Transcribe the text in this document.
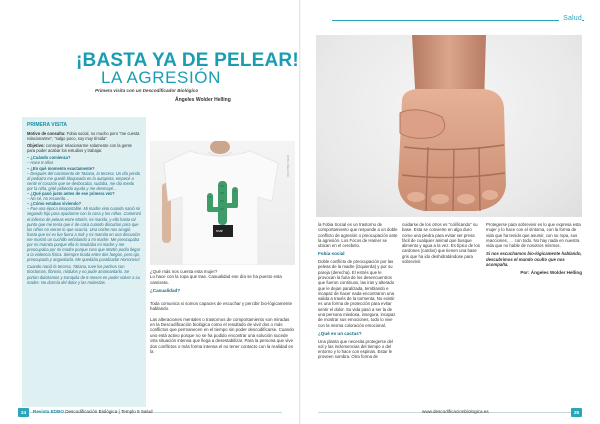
Salud
¡BASTA YA DE PELEAR!
LA AGRESIÓN
Primera visita con un Descodificador Biológico
Ángeles Wolder Helling
PRIMERA VISITA
Motivo de consulta: Fobia social, no mucho pero “me cuesta relacionarme”, “salgo poco, soy muy tímida”
Objetivo: conseguir relacionarme solamente con la gente para poder acabar los estudios y trabajar.
– ¿Cuándo comienza?
– Hace 8 años
– ¿En qué momento exactamente?
– Después del nacimiento de Tatiana, la tercera. Un día yendo al pediatra me quedé bloqueada en la autopista, empecé a sentir el corazón que se desbocaba, sudaba, me dio miedo por la niña, grité pidiendo ayuda y me desmayé…
– ¿Qué pasó justo antes de ese primera vez?
– No sé, no recuerdo…
– ¿Cómo estabas viviendo?
– Fue una época insoportable. Mi madre vino cuando nació mi segundo hijo para ayudarme con la casa y los niños. Comenzó el infierno de peleas entre Martín, mi marido, y ella hasta tal punto que me tenía que ir de casa cuando discutían para que los niños no vieran lo que ocurría. Una noche nos acogió hasta que mi ex fue fuera a mdr y mi mamita en una discusión me mostró un cuchillo señalando a mi madre. Me preocupaba por mi mamita porque ella lo insultaba mi madre y me preocupaba por mi madre porque creo que Martín podía llegar a la violencia física. Siempre tirada entre dos fuegos, pero ojo, preocupada y angustiada. Me quedaba paralizada! Horroroso!
Cuando nació la tercera, Tatiana, tuve los pechos con tiroctomas, fibrosis, nódulos y no pude amamantarlo. Se portan dulcitamos y tranquila de 6 meses en poder volver a su madre. No dormía del dolor y las molestias.
mar
FOTO: ZARA.COM
¿Qué más nos cuenta esta mujer?
Lo hace con la ropa que trae. Casualidad ese día se ha puesto esta camiseta.
¿Casualidad?
Toda comunica si somos capaces de escuchar y percibir bio-lógicamente hablando.
Las alteraciones mentales o trastornos de comportamiento son miradas en la Descodificación biológica como el resultado de vivir dos o más conflictos que permanecen en el tiempo sin poder descodificarse. Cuando uno está activo porque no se ha podido encontrar una solución sucede otra situación intensa que llega a desestabilizar. Para la persona que vive dos conflictos o más forma intensa el no tener contacto con la realidad es la
la Fobia Social es un trastorno de comportamiento que responde a un doble conflicto de agresión o preocupación ante la agresión. Los Focos de Hamer se ubican en el cerebelo.
Fobia social
Doble conflicto de preocupación por las peleas de la madre (izquierda) y por su pareja (derecha). El estrés que le provocan la furia de los desencuentros que fueron continuos, las iras y alterado que le dejan paralizada, temblando e incapaz de hacer nada encontraron una salida a través de la tormenta. No existir es una forma de protección para evitar sentir el dolor. Su vida pasó a ser la de una persona miedosa, insegura, incapaz de mostrar sus emociones, todo lo vive con la misma coloración emocional.
¿Qué es un cactus?
Una planta que necesita protegerse del sol y las inclemencias del tiempo o del entorno y lo hace con espinas. Estar le proveen sombra. Otra forma de
cuidarse de los otros es “colificando” su base. Esta se convierte en algo duro como una piedra para evitar ser presa fácil de cualquier animal que busque alimento y agua a la vez. Es típico de los cardones (cardos) que tienen una base gris que ha ido deshidratándose para sobrevivir.
Protegerse para sobrevivir es lo que expresa esta mujer y lo hace con el síntoma, con la forma de vida que ha tenido que asumir, con su ropa, sus reacciones, … con todo. No hay nada en nuestra vida que no hable de nosotros mismos.
Si nos escuchamos bio-lógicamente hablando, descubrimos el mundo oculto que nos acompaña.
Por: Ángeles Wolder Helling
24	Revista EDBO Descodificación Biológica | Templo 9 Salud	www.descodificacionbiologica.es	25
